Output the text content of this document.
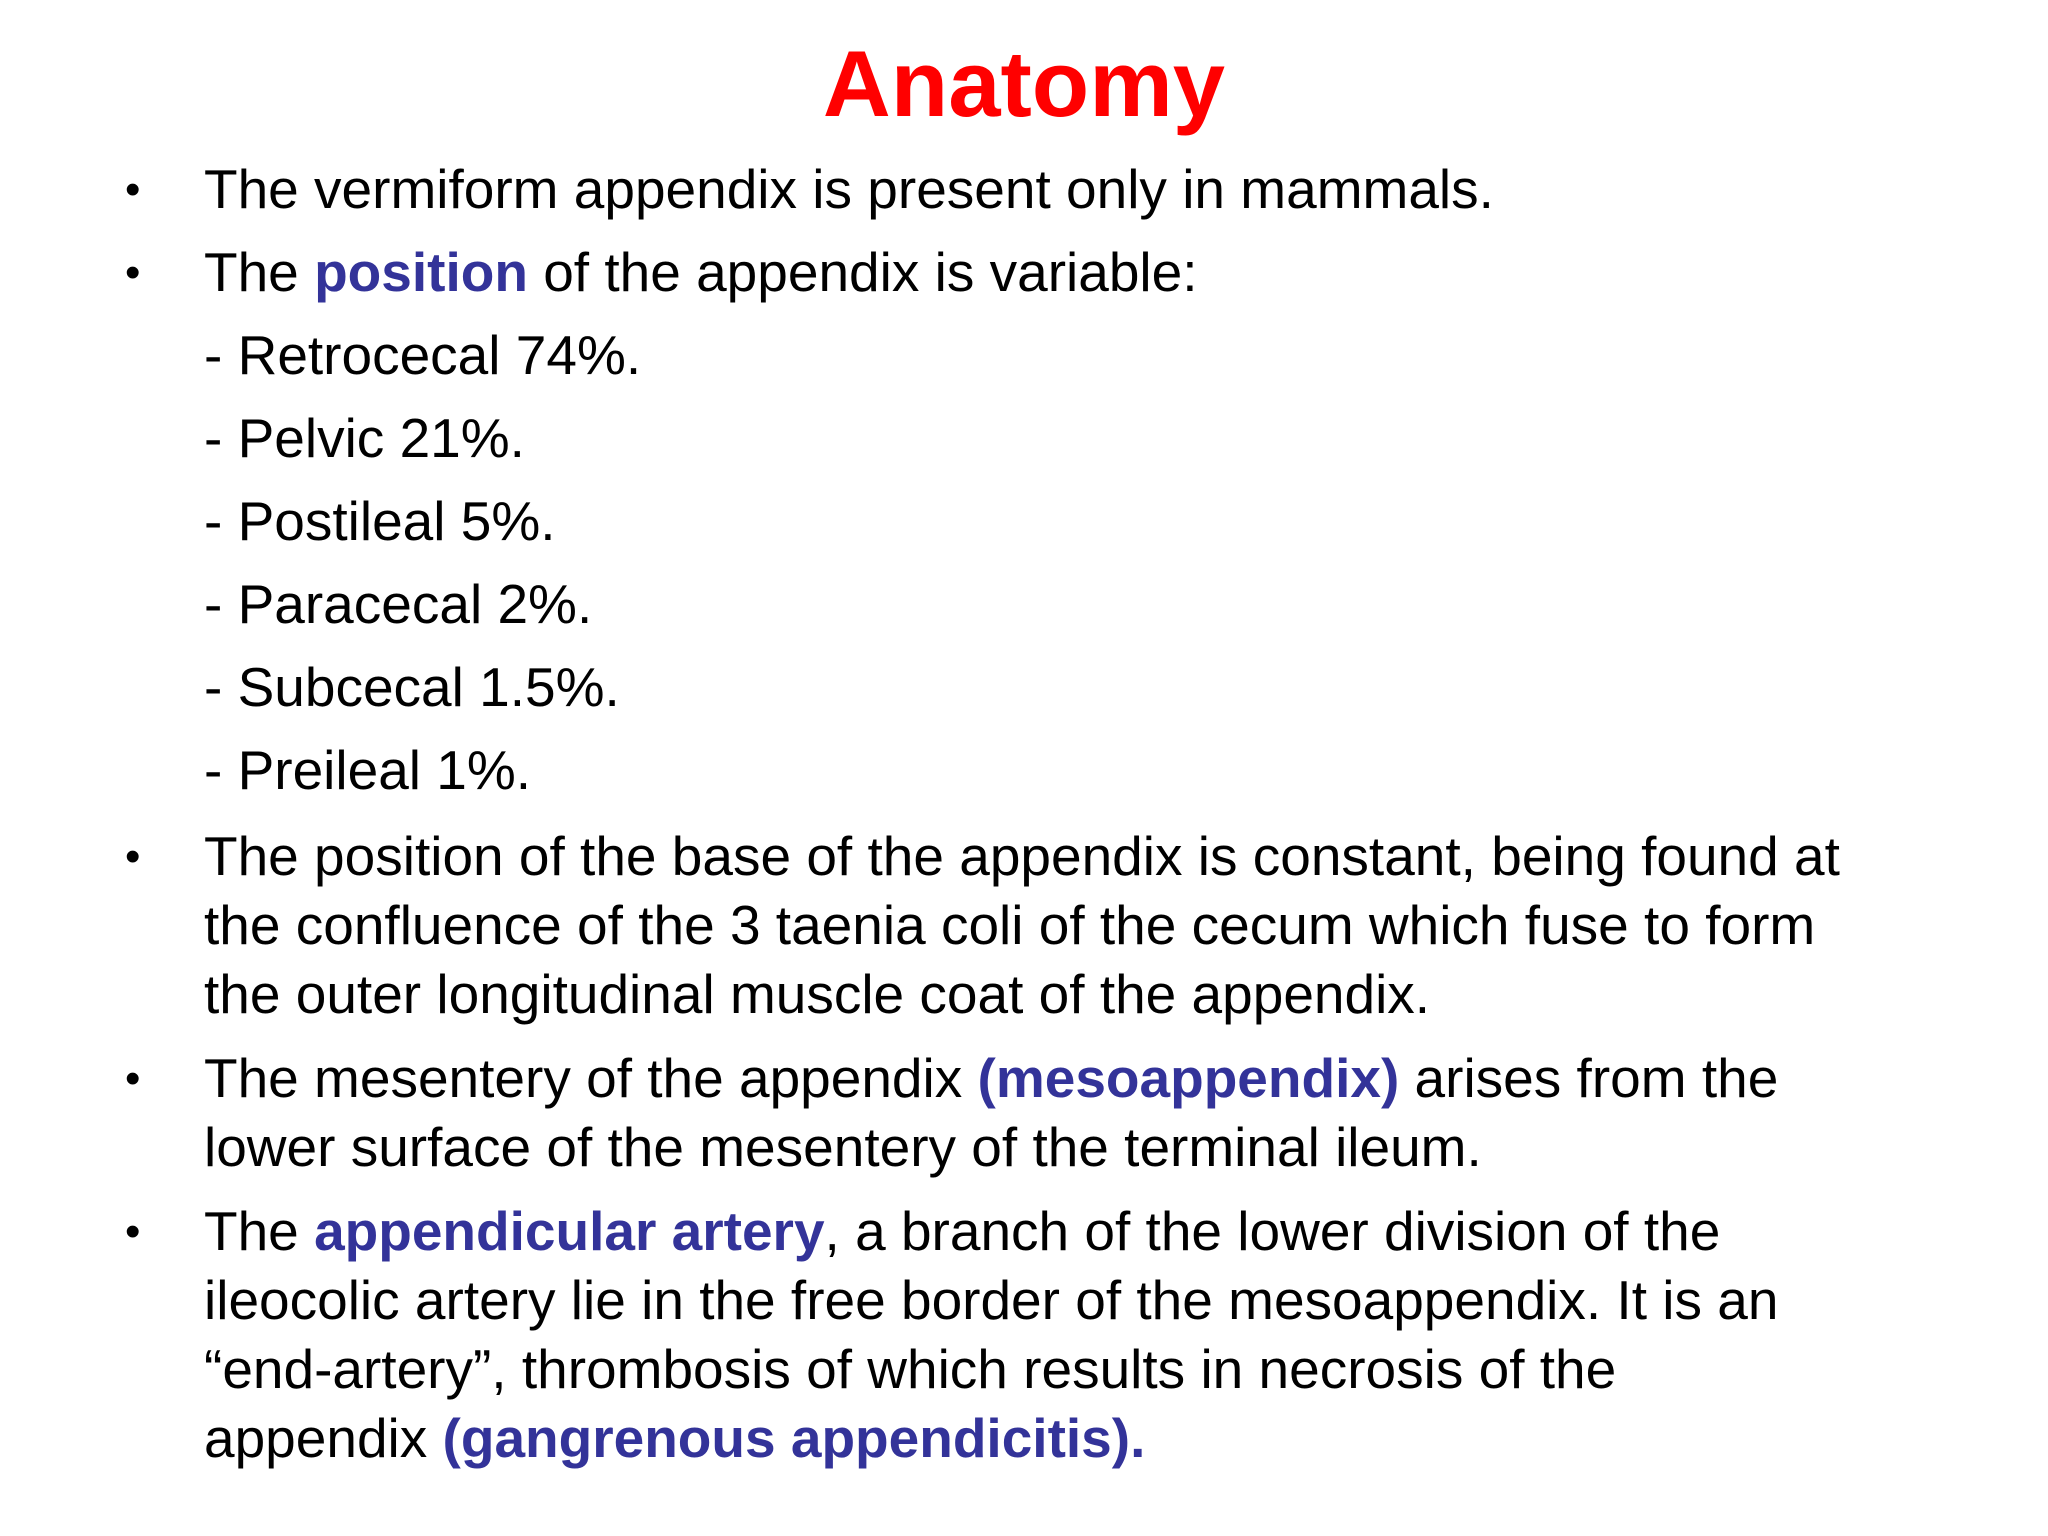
Anatomy
• The vermiform appendix is present only in mammals.
• The position of the appendix is variable:
- Retrocecal 74%.
- Pelvic 21%.
- Postileal 5%.
- Paracecal 2%.
- Subcecal 1.5%.
- Preileal 1%.
• The position of the base of the appendix is constant, being found at
the confluence of the 3 taenia coli of the cecum which fuse to form
the outer longitudinal muscle coat of the appendix.
• The mesentery of the appendix (mesoappendix) arises from the
lower surface of the mesentery of the terminal ileum.
• The appendicular artery, a branch of the lower division of the
ileocolic artery lie in the free border of the mesoappendix. It is an
“end-artery”, thrombosis of which results in necrosis of the
appendix (gangrenous appendicitis).
